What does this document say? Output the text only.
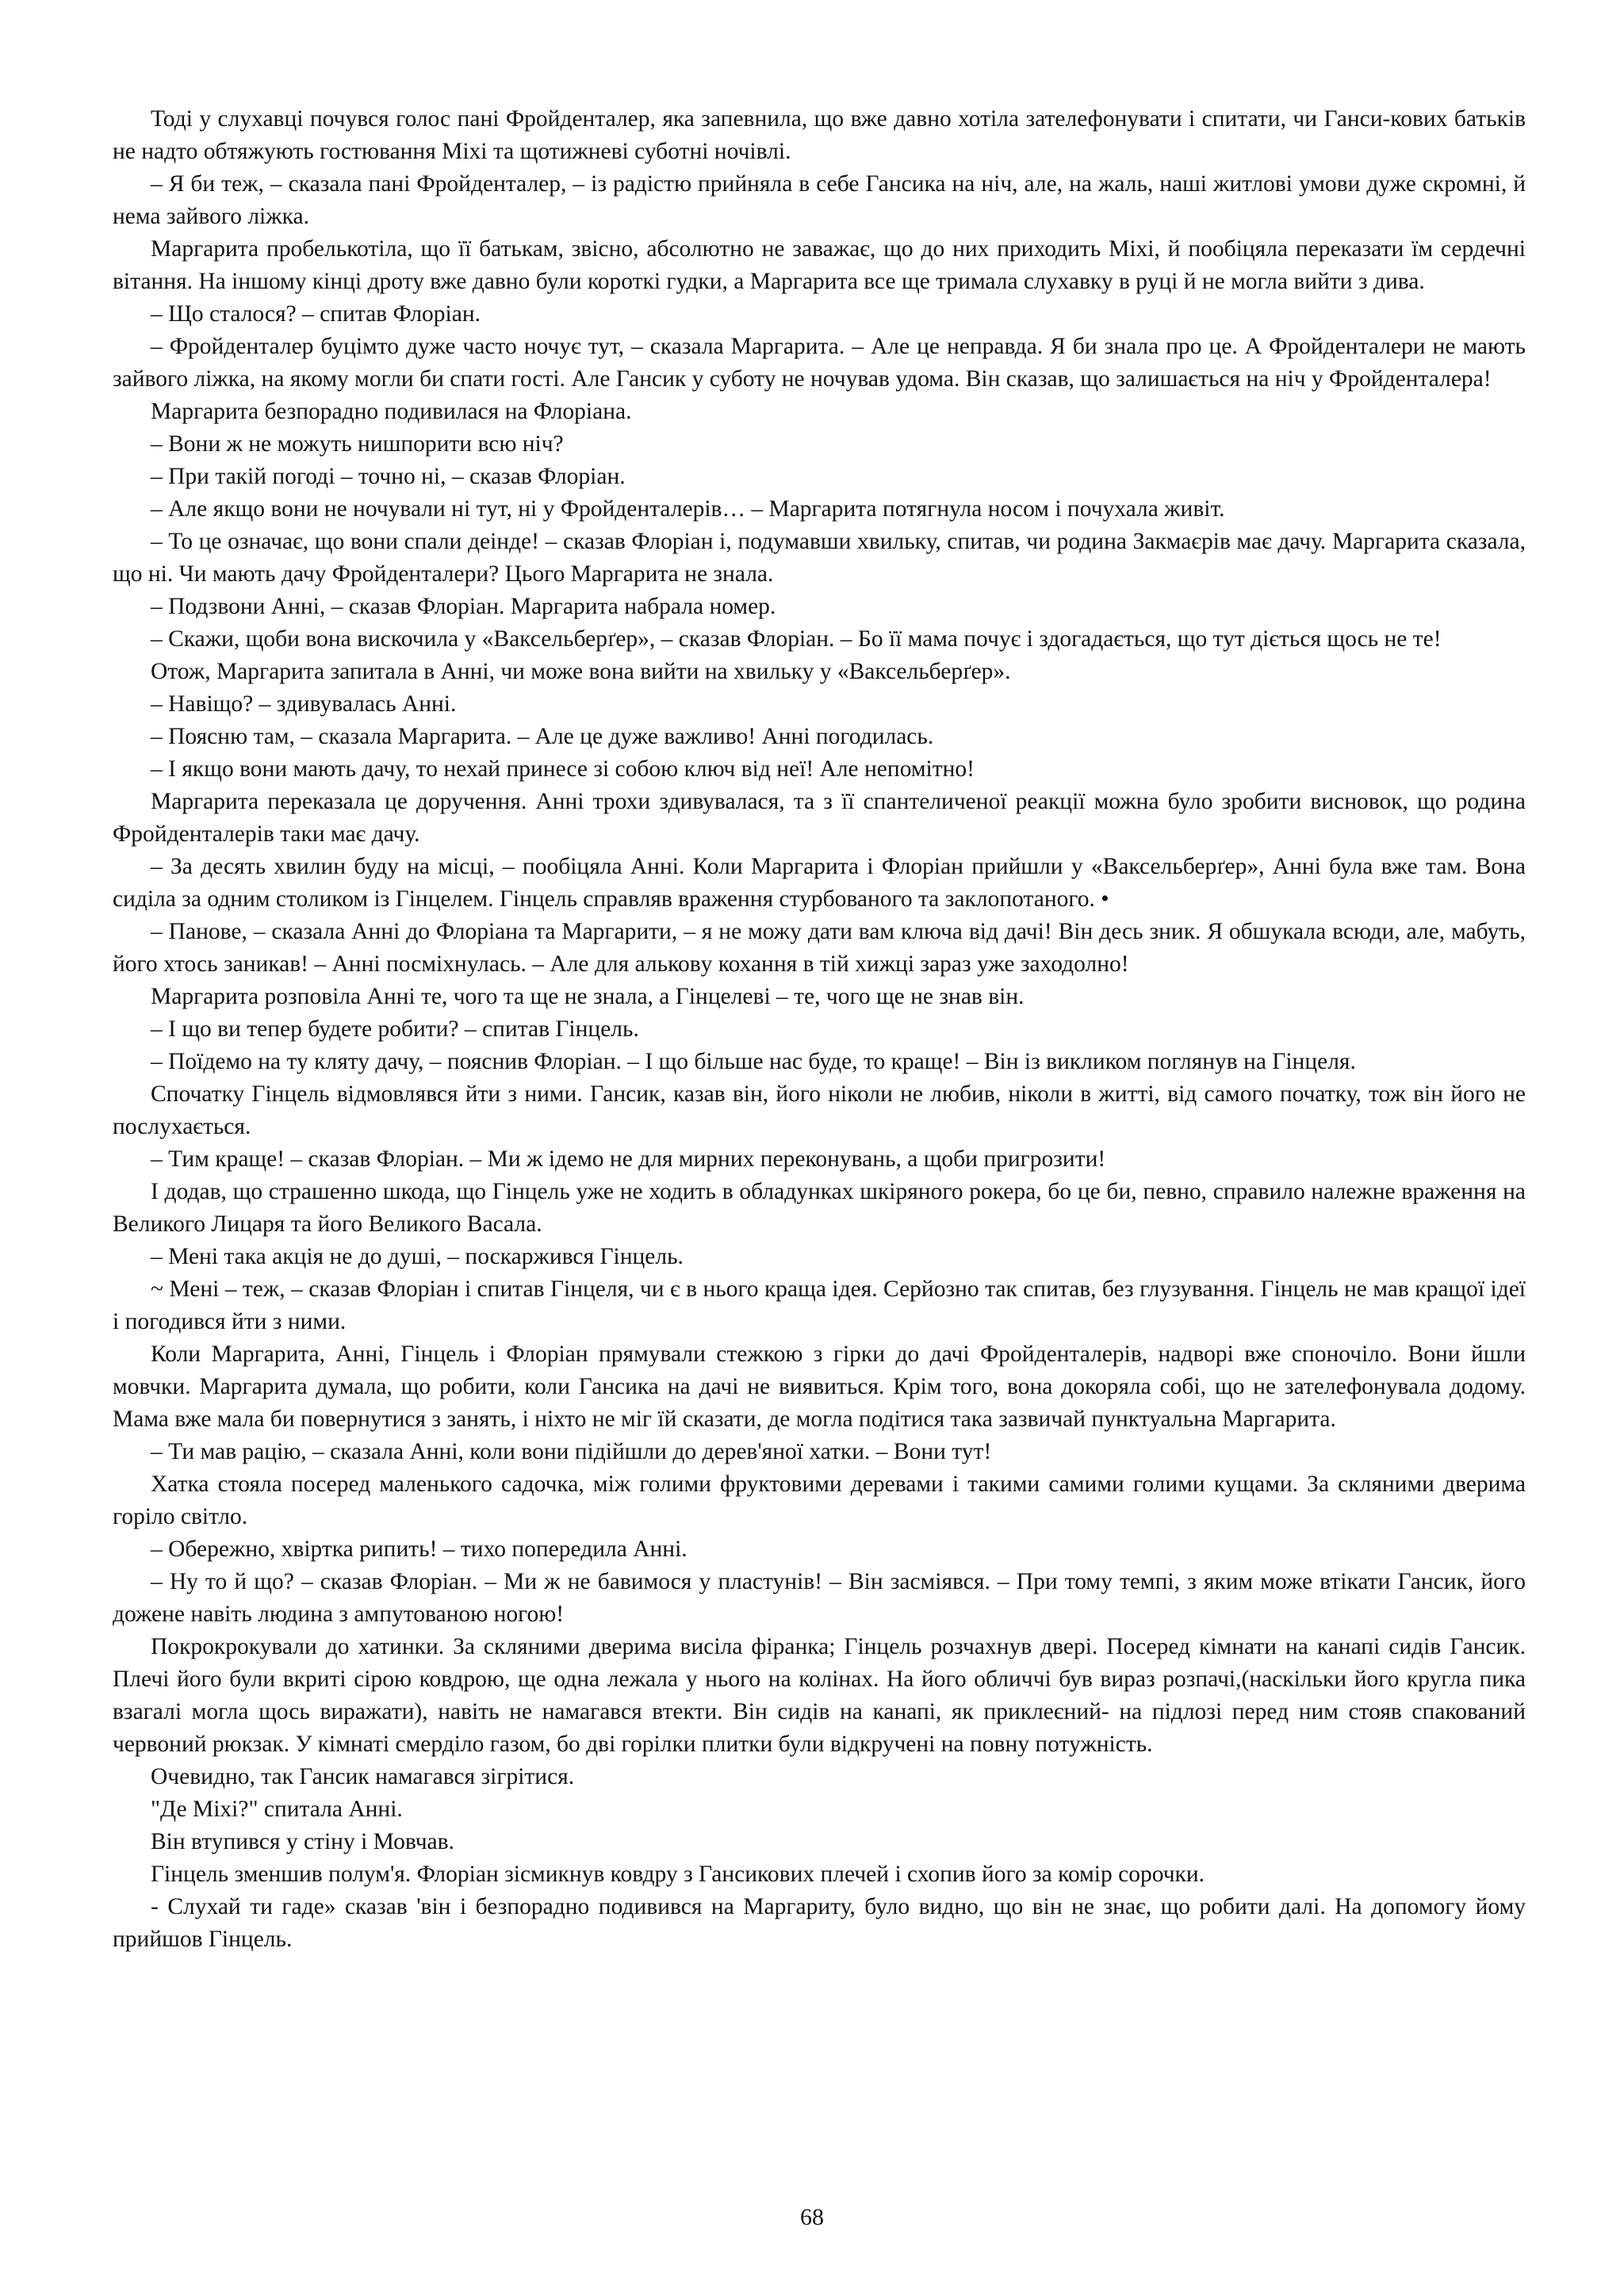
Тоді у слухавці почувся голос пані Фройденталер, яка запевнила, що вже давно хотіла зателефонувати і спитати, чи Ганси-кових батьків не надто обтяжують гостювання Міхі та щотижневі суботні ночівлі.

– Я би теж, – сказала пані Фройденталер, – із радістю прийняла в себе Гансика на ніч, але, на жаль, наші житлові умови дуже скромні, й нема зайвого ліжка.

Маргарита пробелькотіла, що її батькам, звісно, абсолютно не заважає, що до них приходить Міхі, й пообіцяла переказати їм сердечні вітання. На іншому кінці дроту вже давно були короткі гудки, а Маргарита все ще тримала слухавку в руці й не могла вийти з дива.

– Що сталося? – спитав Флоріан.

– Фройденталер буцімто дуже часто ночує тут, – сказала Маргарита. – Але це неправда. Я би знала про це. А Фройденталери не мають зайвого ліжка, на якому могли би спати гості. Але Гансик у суботу не ночував удома. Він сказав, що залишається на ніч у Фройденталера!

Маргарита безпорадно подивилася на Флоріана.

– Вони ж не можуть нишпорити всю ніч?

– При такій погоді – точно ні, – сказав Флоріан.

– Але якщо вони не ночували ні тут, ні у Фройденталерів… – Маргарита потягнула носом і почухала живіт.

– То це означає, що вони спали деінде! – сказав Флоріан і, подумавши хвильку, спитав, чи родина Закмаєрів має дачу. Маргарита сказала, що ні. Чи мають дачу Фройденталери? Цього Маргарита не знала.

– Подзвони Анні, – сказав Флоріан. Маргарита набрала номер.

– Скажи, щоби вона вискочила у «Ваксельберґер», – сказав Флоріан. – Бо її мама почує і здогадається, що тут діється щось не те!

Отож, Маргарита запитала в Анні, чи може вона вийти на хвильку у «Ваксельберґер».

– Навіщо? – здивувалась Анні.

– Поясню там, – сказала Маргарита. – Але це дуже важливо! Анні погодилась.

– І якщо вони мають дачу, то нехай принесе зі собою ключ від неї! Але непомітно!

Маргарита переказала це доручення. Анні трохи здивувалася, та з її спантеличеної реакції можна було зробити висновок, що родина Фройденталерів таки має дачу.

– За десять хвилин буду на місці, – пообіцяла Анні. Коли Маргарита і Флоріан прийшли у «Ваксельберґер», Анні була вже там. Вона сиділа за одним столиком із Гінцелем. Гінцель справляв враження стурбованого та заклопотаного. •

– Панове, – сказала Анні до Флоріана та Маргарити, – я не можу дати вам ключа від дачі! Він десь зник. Я обшукала всюди, але, мабуть, його хтось заникав! – Анні посміхнулась. – Але для альковy кохання в тій хижці зараз уже заходолно!

Маргарита розповіла Анні те, чого та ще не знала, а Гінцелеві – те, чого ще не знав він.

– І що ви тепер будете робити? – спитав Гінцель.

– Поїдемо на ту кляту дачу, – пояснив Флоріан. – І що більше нас буде, то краще! – Він із викликом поглянув на Гінцеля.

Спочатку Гінцель відмовлявся йти з ними. Гансик, казав він, його ніколи не любив, ніколи в житті, від самого початку, тож він його не послухається.

– Тим краще! – сказав Флоріан. – Ми ж ідемо не для мирних переконувань, а щоби пригрозити!

І додав, що страшенно шкода, що Гінцель уже не ходить в обладунках шкіряного рокера, бо це би, певно, справило належне враження на Великого Лицаря та його Великого Васала.

– Мені така акція не до душі, – поскаржився Гінцель.

~ Мені – теж, – сказав Флоріан і спитав Гінцеля, чи є в нього краща ідея. Серйозно так спитав, без глузування. Гінцель не мав кращої ідеї і погодився йти з ними.

Коли Маргарита, Анні, Гінцель і Флоріан прямували стежкою з гірки до дачі Фройденталерів, надворі вже споночіло. Вони йшли мовчки. Маргарита думала, що робити, коли Гансика на дачі не виявиться. Крім того, вона докоряла собі, що не зателефонувала додому. Мама вже мала би повернутися з занять, і ніхто не міг їй сказати, де могла подітися така зазвичай пунктуальна Маргарита.

– Ти мав рацію, – сказала Анні, коли вони підійшли до дерев'яної хатки. – Вони тут!

Хатка стояла посеред маленького садочка, між голими фруктовими деревами і такими самими голими кущами. За скляними дверима горіло світло.

– Обережно, хвіртка рипить! – тихо попередила Анні.

– Ну то й що? – сказав Флоріан. – Ми ж не бавимося у пластунів! – Він засміявся. – При тому темпі, з яким може втікати Гансик, його дожене навіть людина з ампутованою ногою!

Покрокрокували до хатинки. За скляними дверима висіла фіранка; Гінцель розчахнув двері. Посеред кімнати на канапі сидів Гансик. Плечі його були вкриті сірою ковдрою, ще одна лежала у нього на колінах. На його обличчі був вираз розпачі,(наскільки його кругла пика взагалі могла щось виражати), навіть не намагався втекти. Він сидів на канапі, як приклеєний- на підлозі перед ним стояв спакований червоний рюкзак. У кімнаті смерділо газом, бо дві горілки плитки були відкручені на повну потужність.

Очевидно, так Гансик намагався зігрітися.

"Де Міхі?" спитала Анні.

Він втупився у стіну і Мовчав.

Гінцель зменшив полум'я. Флоріан зісмикнув ковдру з Гансикових плечей і схопив його за комір сорочки.

- Слухай ти гаде» сказав 'він і безпорадно подивився на Маргариту, було видно, що він не знає, що робити далі. На допомогу йому прийшов Гінцель.

68
